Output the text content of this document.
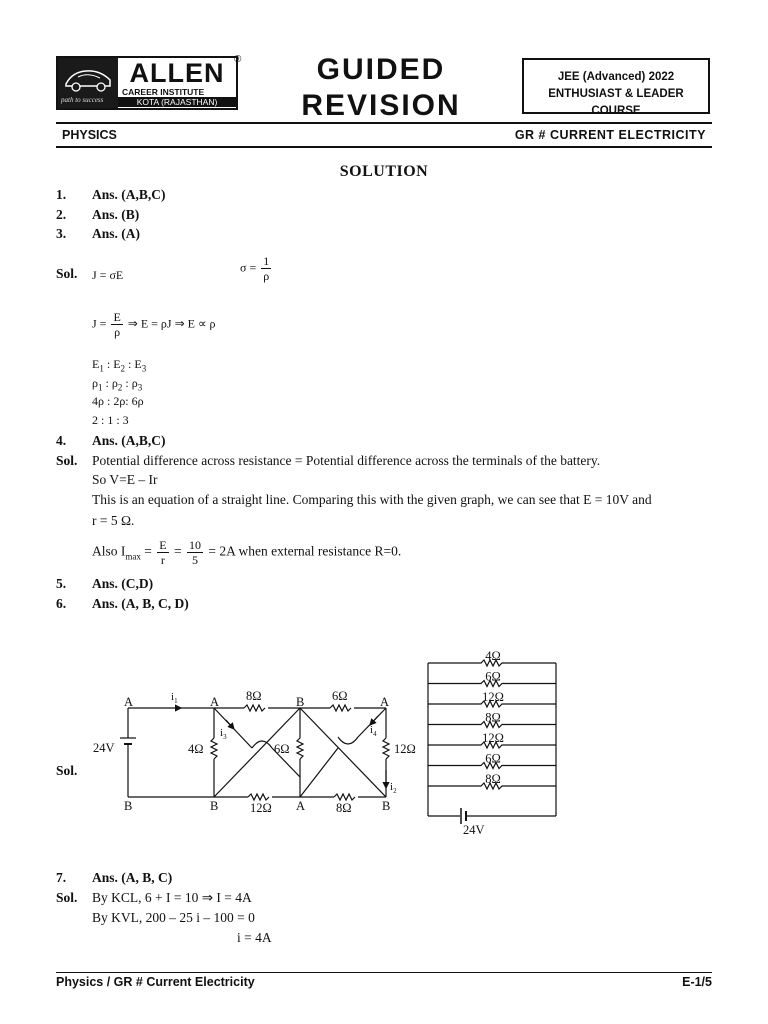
path to success
ALLEN
CAREER INSTITUTE
KOTA (RAJASTHAN)
®	GUIDED
REVISION
JEE (Advanced) 2022
ENTHUSIAST & LEADER COURSE
PHYSICS	GR # CURRENT ELECTRICITY
SOLUTION
1. Ans. (A,B,C)
2. Ans. (B)
3. Ans. (A)
Sol. J = σE
$\sigma = \frac{1}{\rho}$
$J = \frac{E}{\rho}$ ⇒ E = ρJ ⇒ E ∝ ρ
$E_1$ : $E_2$ : $E_3$
$\rho_1$ : $\rho_2$ : $\rho_3$
4ρ : 2ρ: 6ρ
2 : 1 : 3
4. Ans. (A,B,C)
Sol. Potential difference across resistance = Potential difference across the terminals of the battery.
So V=E – Ir
This is an equation of a straight line. Comparing this with the given graph, we can see that E = 10V and
r = 5 Ω.
Also $I_{max} = \frac{E}{r} = \frac{10}{5} = 2A$ when external resistance R=0.
5. Ans. (C,D)
6. Ans. (A, B, C, D)
Sol.
4Ω
6Ω
12Ω
8Ω
12Ω
6Ω
8Ω
A	A	B	A
B	B	A	B
$i_1$
$i_2$
$i_3$
$i_4$
8Ω	6Ω
4Ω	6Ω	12Ω
12Ω	8Ω
24V
24V
7. Ans. (A, B, C)
Sol. By KCL, 6 + I = 10 ⇒ I = 4A
By KVL, 200 – 25 i – 100 = 0
i = 4A
Physics / GR # Current Electricity	E-1/5
